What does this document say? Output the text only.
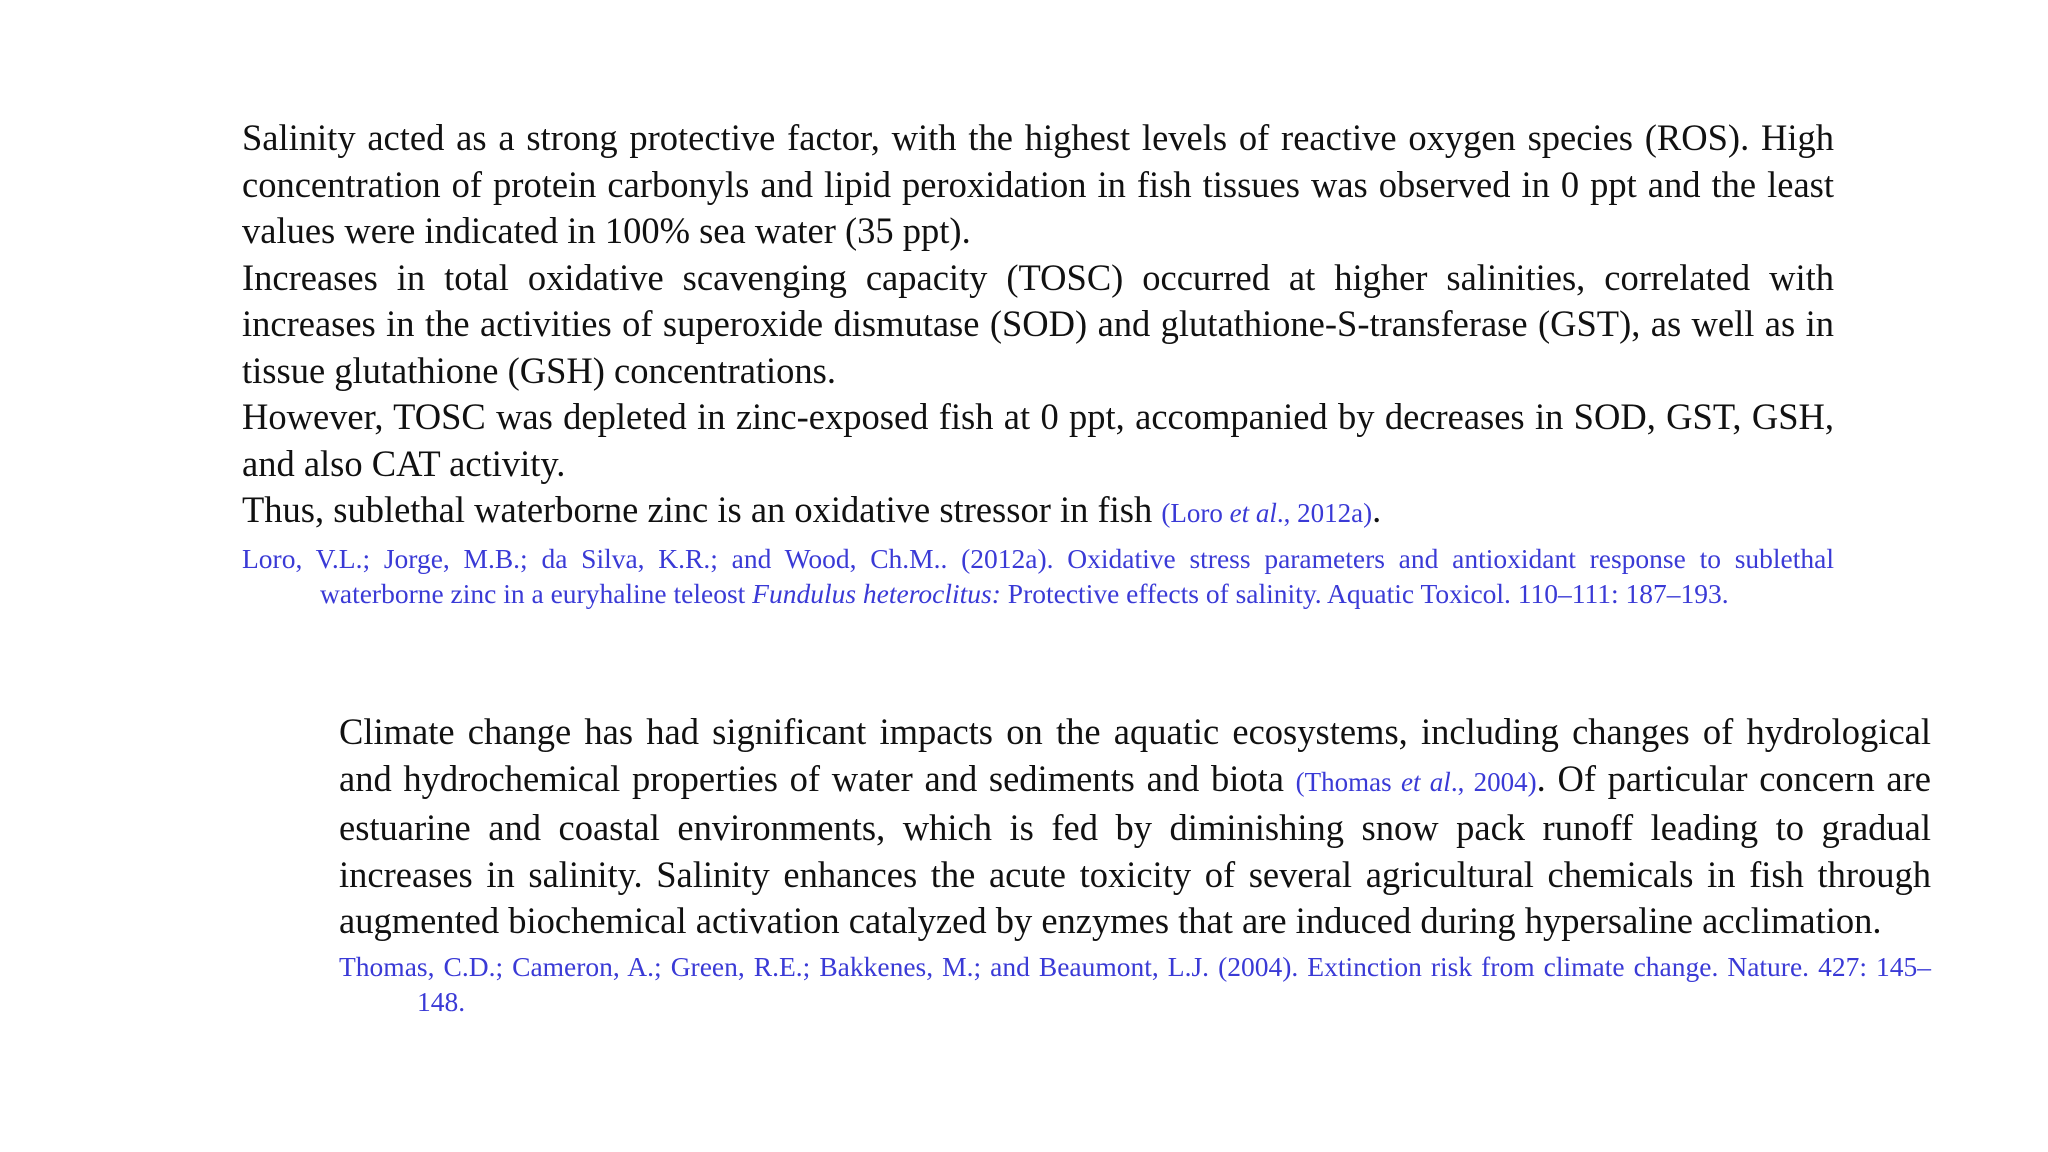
Salinity acted as a strong protective factor, with the highest levels of reactive oxygen species (ROS). High concentration of protein carbonyls and lipid peroxidation in fish tissues was observed in 0 ppt and the least values were indicated in 100% sea water (35 ppt).

Increases in total oxidative scavenging capacity (TOSC) occurred at higher salinities, correlated with increases in the activities of superoxide dismutase (SOD) and glutathione-S-transferase (GST), as well as in tissue glutathione (GSH) concentrations.

However, TOSC was depleted in zinc-exposed fish at 0 ppt, accompanied by decreases in SOD, GST, GSH, and also CAT activity.

Thus, sublethal waterborne zinc is an oxidative stressor in fish (Loro et al., 2012a).

Loro, V.L.; Jorge, M.B.; da Silva, K.R.; and Wood, Ch.M.. (2012a). Oxidative stress parameters and antioxidant response to sublethal waterborne zinc in a euryhaline teleost Fundulus heteroclitus: Protective effects of salinity. Aquatic Toxicol. 110–111: 187–193.

Climate change has had significant impacts on the aquatic ecosystems, including changes of hydrological and hydrochemical properties of water and sediments and biota (Thomas et al., 2004). Of particular concern are estuarine and coastal environments, which is fed by diminishing snow pack runoff leading to gradual increases in salinity. Salinity enhances the acute toxicity of several agricultural chemicals in fish through augmented biochemical activation catalyzed by enzymes that are induced during hypersaline acclimation.

Thomas, C.D.; Cameron, A.; Green, R.E.; Bakkenes, M.; and Beaumont, L.J. (2004). Extinction risk from climate change. Nature. 427: 145–148.
